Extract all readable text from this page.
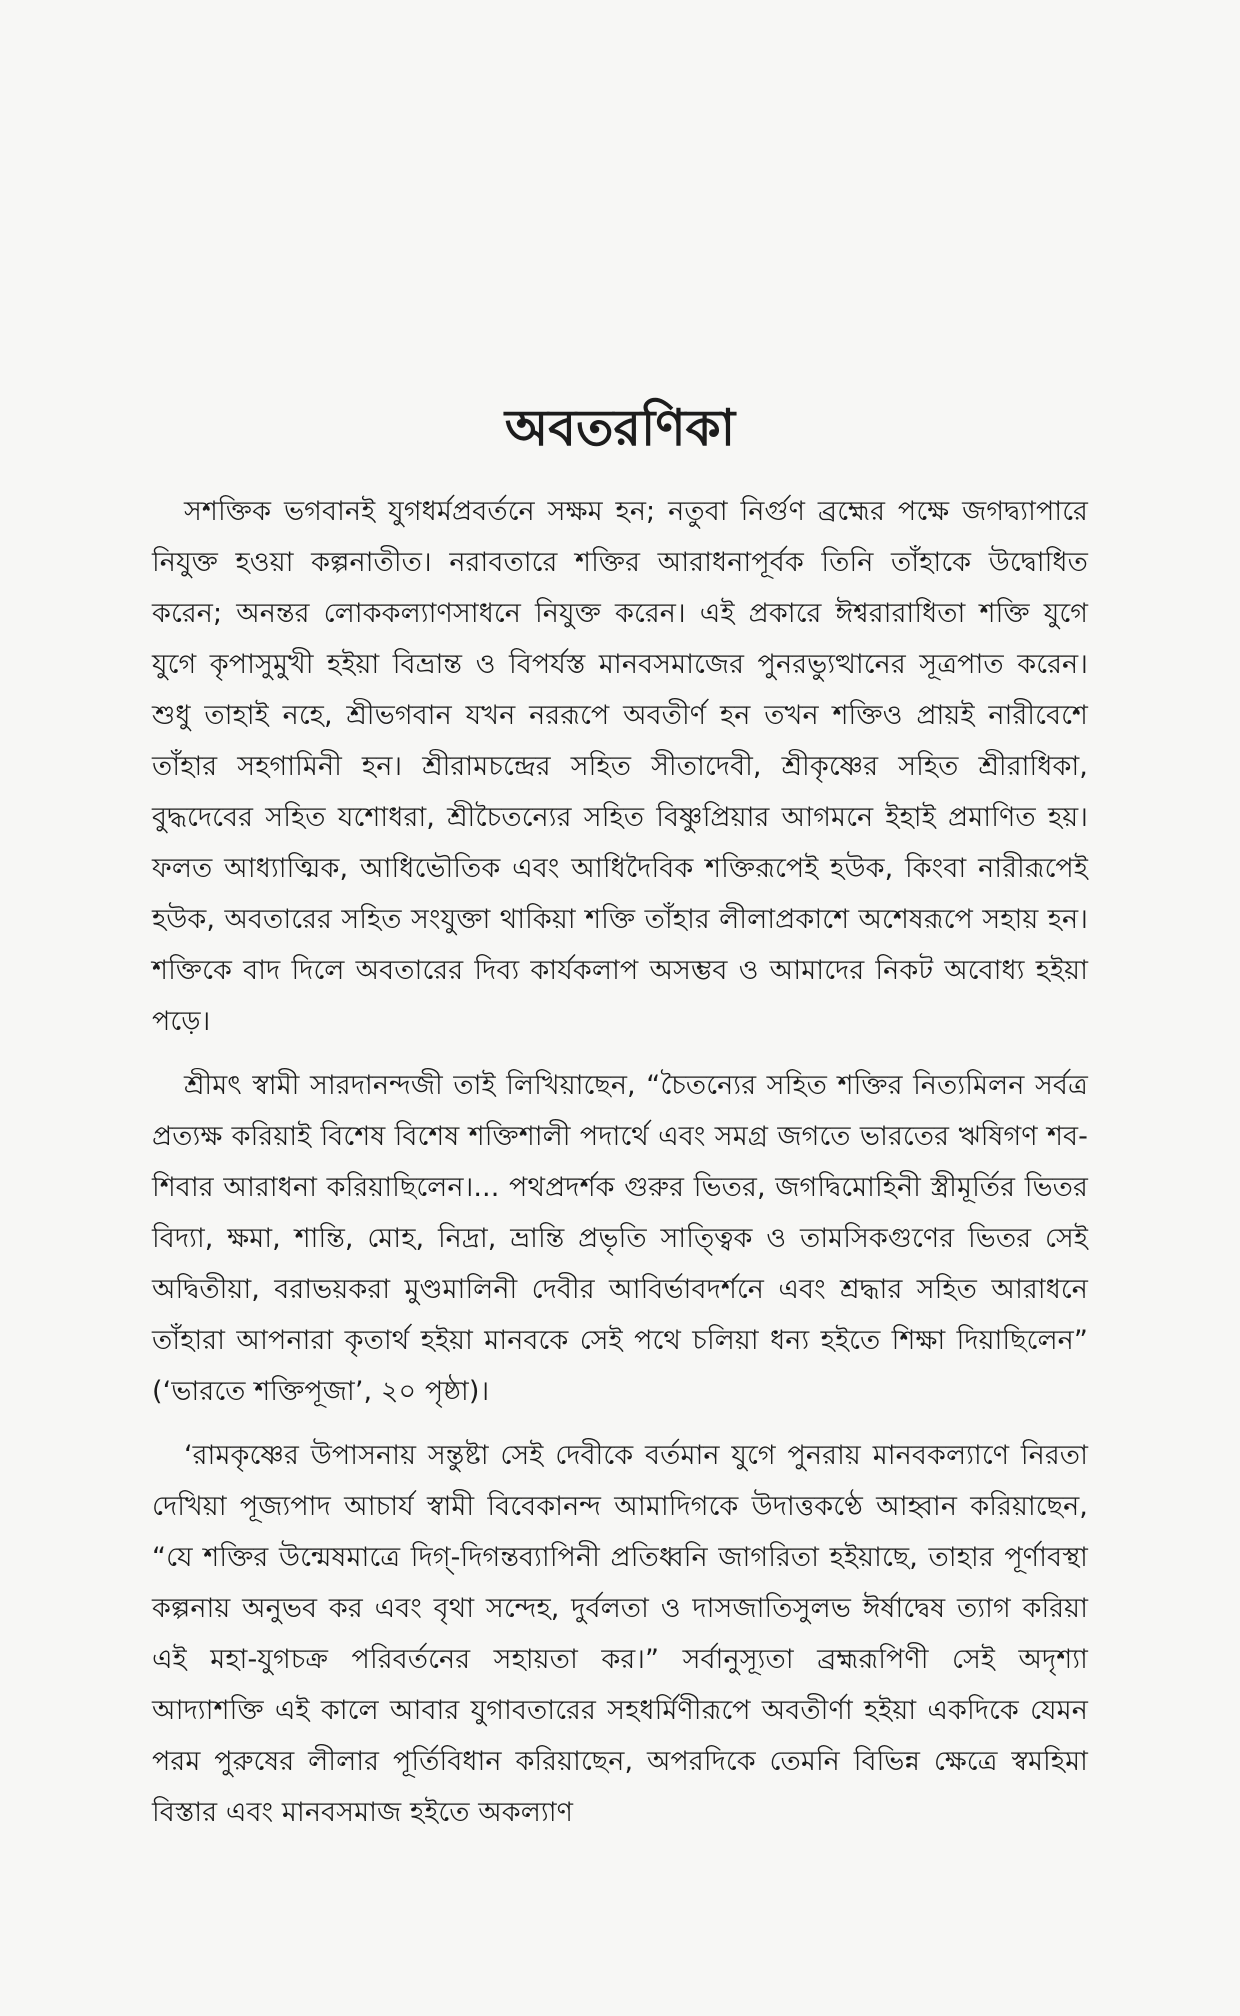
অবতরণিকা

সশক্তিক ভগবানই যুগধর্মপ্রবর্তনে সক্ষম হন; নতুবা নির্গুণ ব্রহ্মের পক্ষে জগদ্ব্যাপারে নিযুক্ত হওয়া কল্পনাতীত। নরাবতারে শক্তির আরাধনাপূর্বক তিনি তাঁহাকে উদ্বোধিত করেন; অনন্তর লোককল্যাণসাধনে নিযুক্ত করেন। এই প্রকারে ঈশ্বরারাধিতা শক্তি যুগে যুগে কৃপাসুমুখী হইয়া বিভ্রান্ত ও বিপর্যস্ত মানবসমাজের পুনরভ্যুত্থানের সূত্রপাত করেন। শুধু তাহাই নহে, শ্রীভগবান যখন নররূপে অবতীর্ণ হন তখন শক্তিও প্রায়ই নারীবেশে তাঁহার সহগামিনী হন। শ্রীরামচন্দ্রের সহিত সীতাদেবী, শ্রীকৃষ্ণের সহিত শ্রীরাধিকা, বুদ্ধদেবের সহিত যশোধরা, শ্রীচৈতন্যের সহিত বিষ্ণুপ্রিয়ার আগমনে ইহাই প্রমাণিত হয়। ফলত আধ্যাত্মিক, আধিভৌতিক এবং আধিদৈবিক শক্তিরূপেই হউক, কিংবা নারীরূপেই হউক, অবতারের সহিত সংযুক্তা থাকিয়া শক্তি তাঁহার লীলাপ্রকাশে অশেষরূপে সহায় হন। শক্তিকে বাদ দিলে অবতারের দিব্য কার্যকলাপ অসম্ভব ও আমাদের নিকট অবোধ্য হইয়া পড়ে।

শ্রীমৎ স্বামী সারদানন্দজী তাই লিখিয়াছেন, “চৈতন্যের সহিত শক্তির নিত্যমিলন সর্বত্র প্রত্যক্ষ করিয়াই বিশেষ বিশেষ শক্তিশালী পদার্থে এবং সমগ্র জগতে ভারতের ঋষিগণ শব-শিবার আরাধনা করিয়াছিলেন।... পথপ্রদর্শক গুরুর ভিতর, জগদ্বিমোহিনী স্ত্রীমূর্তির ভিতর বিদ্যা, ক্ষমা, শান্তি, মোহ, নিদ্রা, ভ্রান্তি প্রভৃতি সাত্ত্বিক ও তামসিকগুণের ভিতর সেই অদ্বিতীয়া, বরাভয়করা মুণ্ডমালিনী দেবীর আবির্ভাবদর্শনে এবং শ্রদ্ধার সহিত আরাধনে তাঁহারা আপনারা কৃতার্থ হইয়া মানবকে সেই পথে চলিয়া ধন্য হইতে শিক্ষা দিয়াছিলেন” (‘ভারতে শক্তিপূজা’, ২০ পৃষ্ঠা)।

‘রামকৃষ্ণের উপাসনায় সন্তুষ্টা সেই দেবীকে বর্তমান যুগে পুনরায় মানবকল্যাণে নিরতা দেখিয়া পূজ্যপাদ আচার্য স্বামী বিবেকানন্দ আমাদিগকে উদাত্তকণ্ঠে আহ্বান করিয়াছেন, “যে শক্তির উন্মেষমাত্রে দিগ্‌-দিগন্তব্যাপিনী প্রতিধ্বনি জাগরিতা হইয়াছে, তাহার পূর্ণাবস্থা কল্পনায় অনুভব কর এবং বৃথা সন্দেহ, দুর্বলতা ও দাসজাতিসুলভ ঈর্ষাদ্বেষ ত্যাগ করিয়া এই মহা-যুগচক্র পরিবর্তনের সহায়তা কর।” সর্বানুস্যূতা ব্রহ্মরূপিণী সেই অদৃশ্যা আদ্যাশক্তি এই কালে আবার যুগাবতারের সহধর্মিণীরূপে অবতীর্ণা হইয়া একদিকে যেমন পরম পুরুষের লীলার পূর্তিবিধান করিয়াছেন, অপরদিকে তেমনি বিভিন্ন ক্ষেত্রে স্বমহিমা বিস্তার এবং মানবসমাজ হইতে অকল্যাণ
